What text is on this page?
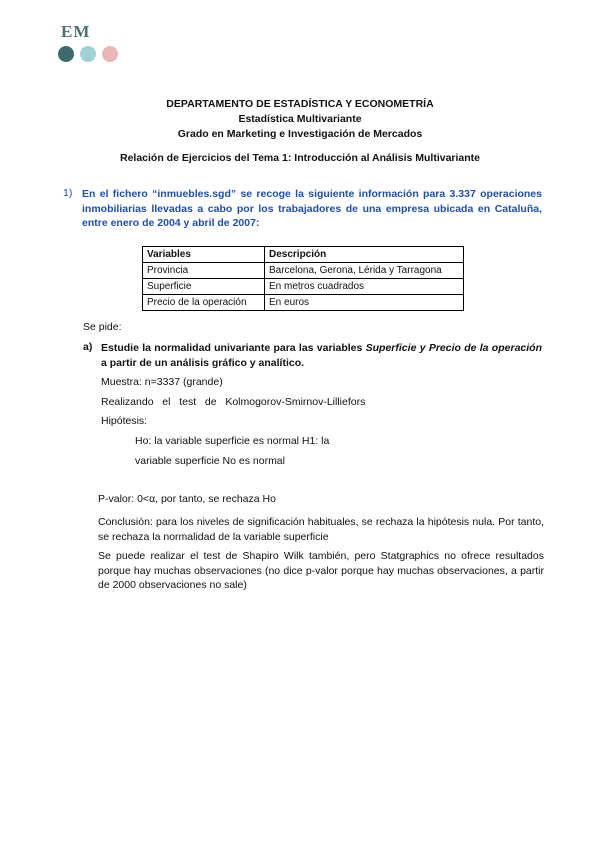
EM
DEPARTAMENTO DE ESTADÍSTICA Y ECONOMETRÍA
Estadística Multivariante
Grado en Marketing e Investigación de Mercados
Relación de Ejercicios del Tema 1: Introducción al Análisis Multivariante
1) En el fichero “inmuebles.sgd” se recoge la siguiente información para 3.337 operaciones inmobiliarias llevadas a cabo por los trabajadores de una empresa ubicada en Cataluña, entre enero de 2004 y abril de 2007:
Variables	Descripción
Provincia	Barcelona, Gerona, Lérida y Tarragona
Superficie	En metros cuadrados
Precio de la operación	En euros
Se pide:
a) Estudie la normalidad univariante para las variables Superficie y Precio de la operación a partir de un análisis gráfico y analítico.
Muestra: n=3337 (grande)
Realizando   el   test   de   Kolmogorov-Smirnov-Lilliefors
Hipótesis:
Ho: la variable superficie es normal H1: la
variable superficie No es normal
P-valor: 0<α, por tanto, se rechaza Ho
Conclusión: para los niveles de significación habituales, se rechaza la hipótesis nula. Por tanto, se rechaza la normalidad de la variable superficie
Se puede realizar el test de Shapiro Wilk también, pero Statgraphics no ofrece resultados porque hay muchas observaciones (no dice p-valor porque hay muchas observaciones, a partir de 2000 observaciones no sale)
